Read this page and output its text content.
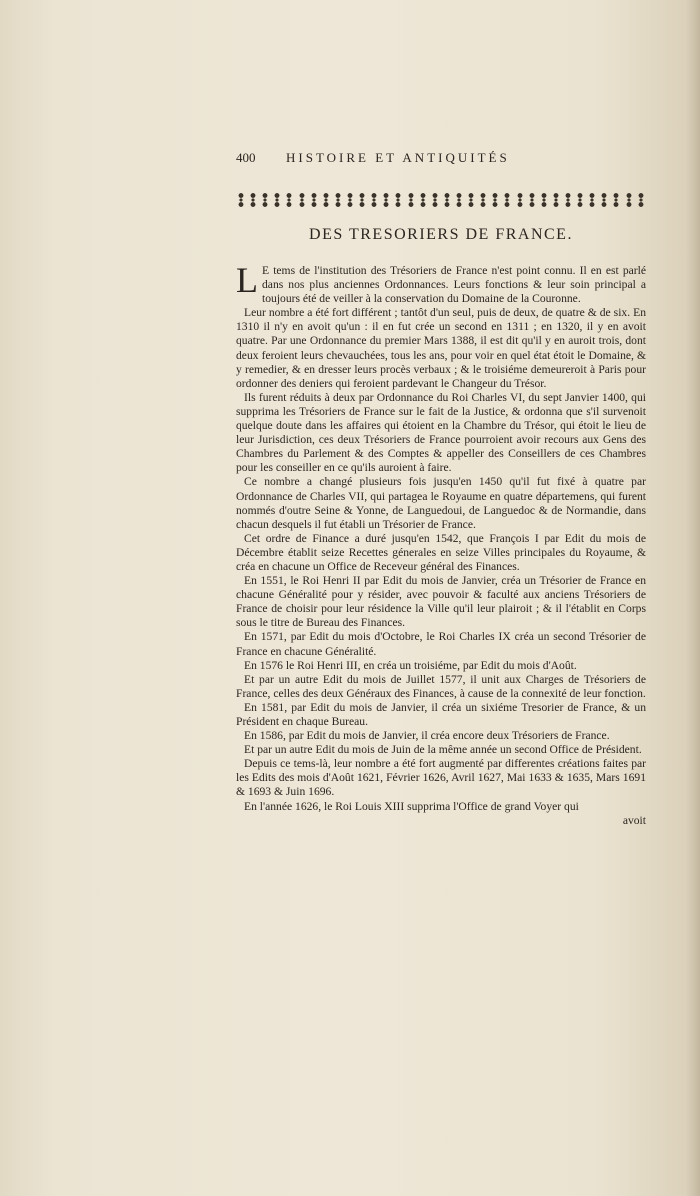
400 HISTOIRE ET ANTIQUITÉS
DES TRESORIERS DE FRANCE.

L E tems de l'institution des Trésoriers de France n'est point connu. Il en est parlé dans nos plus anciennes Ordonnances. Leurs fonctions & leur soin principal a toujours été de veiller à la conservation du Domaine de la Couronne.

Leur nombre a été fort différent ; tantôt d'un seul, puis de deux, de quatre & de six. En 1310 il n'y en avoit qu'un : il en fut crée un second en 1311 ; en 1320, il y en avoit quatre. Par une Ordonnance du premier Mars 1388, il est dit qu'il y en auroit trois, dont deux feroient leurs chevauchées, tous les ans, pour voir en quel état étoit le Domaine, & y remedier, & en dresser leurs procès verbaux ; & le troisiéme demeureroit à Paris pour ordonner des deniers qui feroient pardevant le Changeur du Trésor.

Ils furent réduits à deux par Ordonnance du Roi Charles VI, du sept Janvier 1400, qui supprima les Trésoriers de France sur le fait de la Justice, & ordonna que s'il survenoit quelque doute dans les affaires qui étoient en la Chambre du Trésor, qui étoit le lieu de leur Jurisdiction, ces deux Trésoriers de France pourroient avoir recours aux Gens des Chambres du Parlement & des Comptes & appeller des Conseillers de ces Chambres pour les conseiller en ce qu'ils auroient à faire.

Ce nombre a changé plusieurs fois jusqu'en 1450 qu'il fut fixé à quatre par Ordonnance de Charles VII, qui partagea le Royaume en quatre départemens, qui furent nommés d'outre Seine & Yonne, de Languedoui, de Languedoc & de Normandie, dans chacun desquels il fut établi un Trésorier de France.

Cet ordre de Finance a duré jusqu'en 1542, que François I par Edit du mois de Décembre établit seize Recettes génerales en seize Villes principales du Royaume, & créa en chacune un Office de Receveur général des Finances.

En 1551, le Roi Henri II par Edit du mois de Janvier, créa un Trésorier de France en chacune Généralité pour y résider, avec pouvoir & faculté aux anciens Trésoriers de France de choisir pour leur résidence la Ville qu'il leur plairoit ; & il l'établit en Corps sous le titre de Bureau des Finances.

En 1571, par Edit du mois d'Octobre, le Roi Charles IX créa un second Trésorier de France en chacune Généralité.

En 1576 le Roi Henri III, en créa un troisiéme, par Edit du mois d'Août.

Et par un autre Edit du mois de Juillet 1577, il unit aux Charges de Trésoriers de France, celles des deux Généraux des Finances, à cause de la connexité de leur fonction.

En 1581, par Edit du mois de Janvier, il créa un sixiéme Tresorier de France, & un Président en chaque Bureau.

En 1586, par Edit du mois de Janvier, il créa encore deux Trésoriers de France.

Et par un autre Edit du mois de Juin de la même année un second Office de Président.

Depuis ce tems-là, leur nombre a été fort augmenté par differentes créations faites par les Edits des mois d'Août 1621, Février 1626, Avril 1627, Mai 1633 & 1635, Mars 1691 & 1693 & Juin 1696.

En l'année 1626, le Roi Louis XIII supprima l'Office de grand Voyer qui

avoit
